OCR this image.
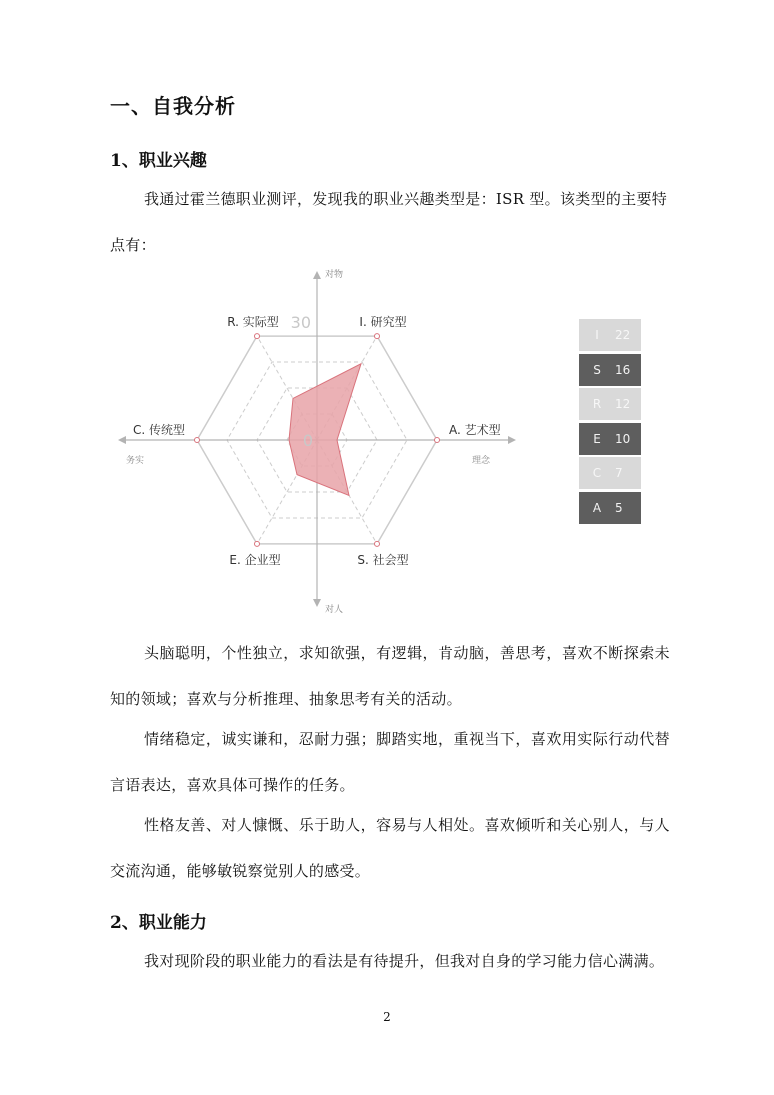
一、自我分析
1、职业兴趣
我通过霍兰德职业测评，发现我的职业兴趣类型是：ISR 型。该类型的主要特
点有：
I. 研究型
A. 艺术型
S. 社会型
E. 企业型
C. 传统型
R. 实际型
对物
对人
务实	理念
30
0
I	22
S	16
R	12
E	10
C	7
A	5
头脑聪明，个性独立，求知欲强，有逻辑，肯动脑，善思考，喜欢不断探索未知的领域；喜欢与分析推理、抽象思考有关的活动。
情绪稳定，诚实谦和，忍耐力强；脚踏实地，重视当下，喜欢用实际行动代替言语表达，喜欢具体可操作的任务。
性格友善、对人慷慨、乐于助人，容易与人相处。喜欢倾听和关心别人，与人交流沟通，能够敏锐察觉别人的感受。
2、职业能力
我对现阶段的职业能力的看法是有待提升，但我对自身的学习能力信心满满。
2
